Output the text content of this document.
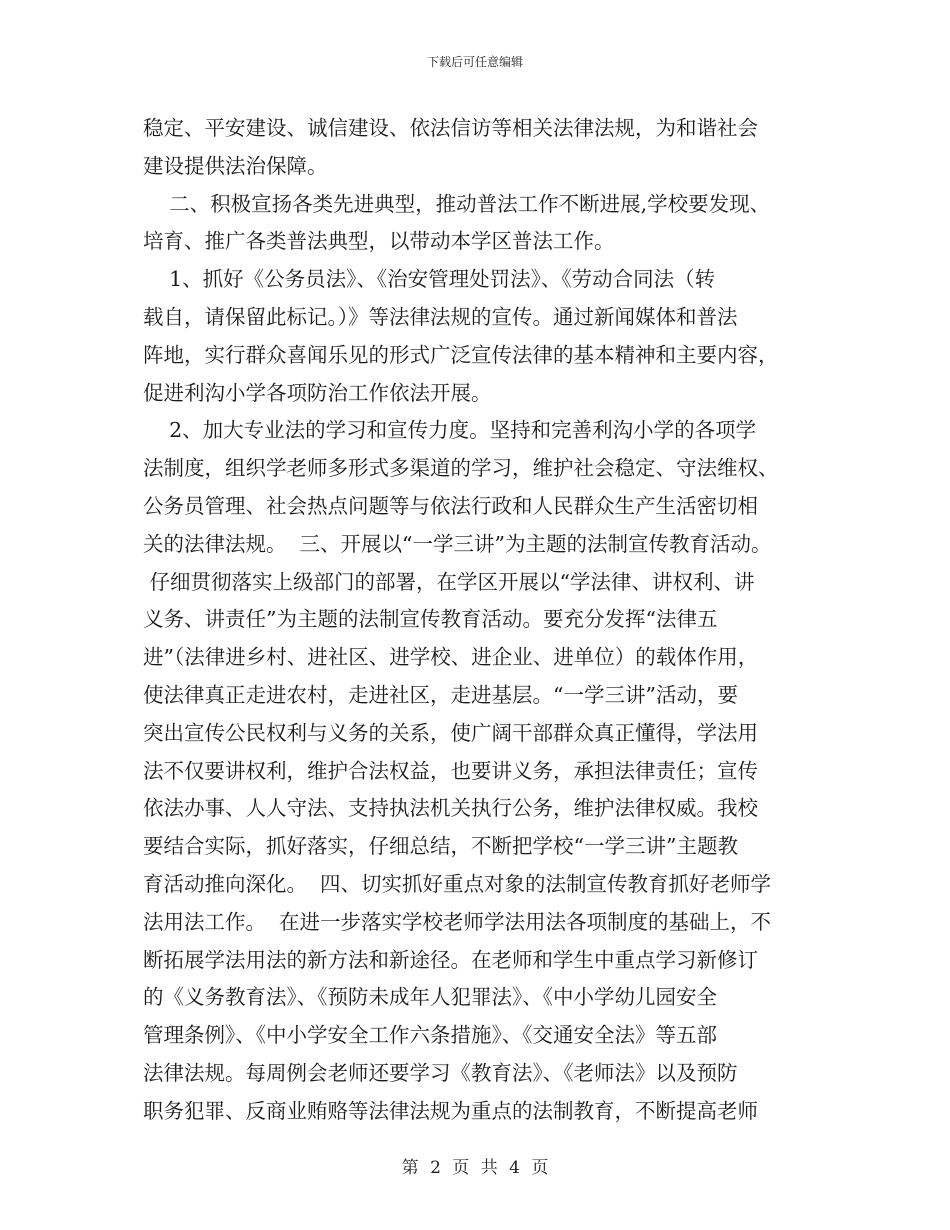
下载后可任意编辑
稳定、平安建设、诚信建设、依法信访等相关法律法规，为和谐社会
建设提供法治保障。
二、积极宣扬各类先进典型，推动普法工作不断进展,学校要发现、
培育、推广各类普法典型，以带动本学区普法工作。
1、抓好《公务员法》、《治安管理处罚法》、《劳动合同法（转
载自，请保留此标记。）》等法律法规的宣传。通过新闻媒体和普法
阵地，实行群众喜闻乐见的形式广泛宣传法律的基本精神和主要内容，
促进利沟小学各项防治工作依法开展。
2、加大专业法的学习和宣传力度。坚持和完善利沟小学的各项学
法制度，组织学老师多形式多渠道的学习，维护社会稳定、守法维权、
公务员管理、社会热点问题等与依法行政和人民群众生产生活密切相
关的法律法规。  三、开展以“一学三讲”为主题的法制宣传教育活动。
仔细贯彻落实上级部门的部署，在学区开展以“学法律、讲权利、讲
义务、讲责任”为主题的法制宣传教育活动。要充分发挥“法律五
进”（法律进乡村、进社区、进学校、进企业、进单位）的载体作用，
使法律真正走进农村，走进社区，走进基层。“一学三讲”活动，要
突出宣传公民权利与义务的关系，使广阔干部群众真正懂得，学法用
法不仅要讲权利，维护合法权益，也要讲义务，承担法律责任；宣传
依法办事、人人守法、支持执法机关执行公务，维护法律权威。我校
要结合实际，抓好落实，仔细总结，不断把学校“一学三讲”主题教
育活动推向深化。  四、切实抓好重点对象的法制宣传教育抓好老师学
法用法工作。  在进一步落实学校老师学法用法各项制度的基础上，不
断拓展学法用法的新方法和新途径。在老师和学生中重点学习新修订
的《义务教育法》、《预防未成年人犯罪法》、《中小学幼儿园安全
管理条例》、《中小学安全工作六条措施》、《交通安全法》等五部
法律法规。每周例会老师还要学习《教育法》、《老师法》以及预防
职务犯罪、反商业贿赂等法律法规为重点的法制教育，不断提高老师
第 2 页 共 4 页
